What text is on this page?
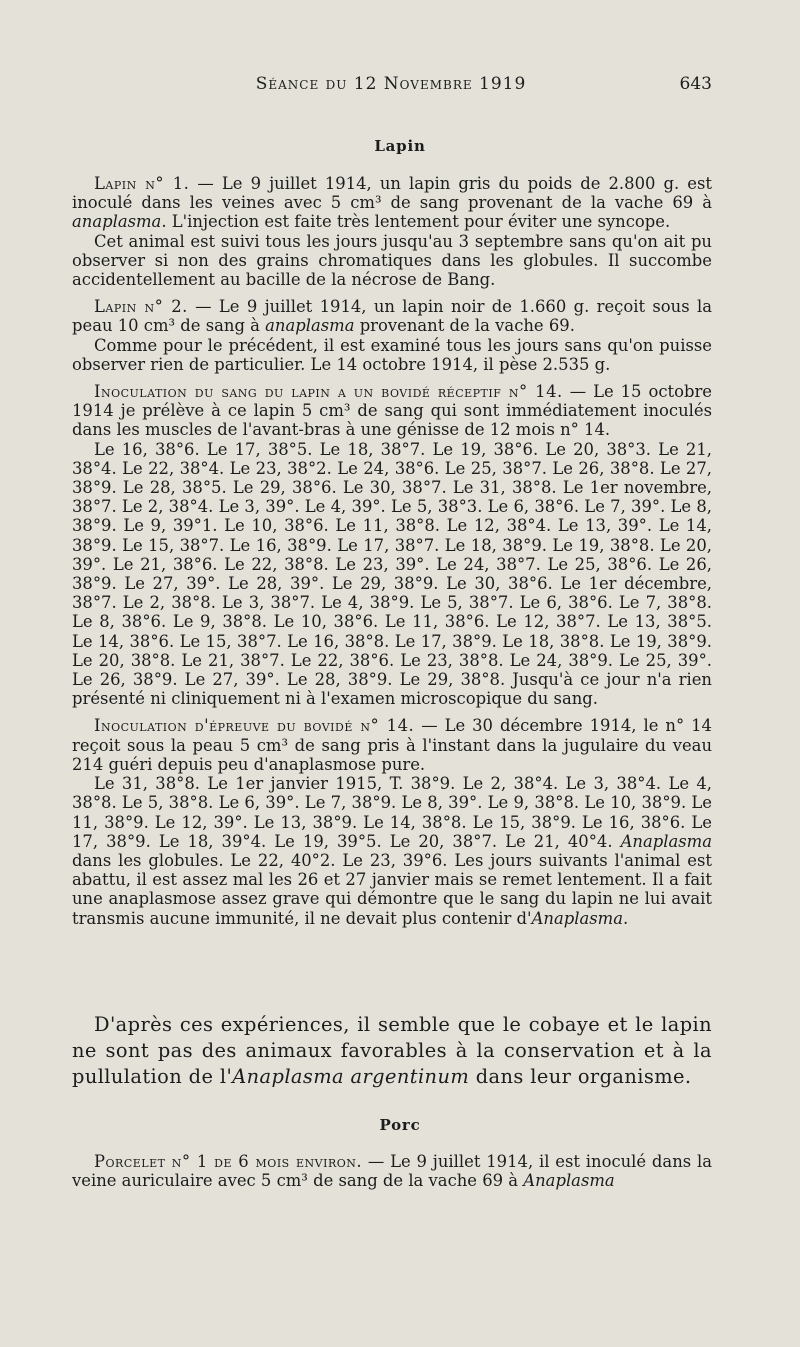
Séance du 12 Novembre 1919	643
Lapin

Lapin n° 1. — Le 9 juillet 1914, un lapin gris du poids de 2.800 g. est inoculé dans les veines avec 5 cm³ de sang provenant de la vache 69 à anaplasma. L'injection est faite très lentement pour éviter une syncope.

Cet animal est suivi tous les jours jusqu'au 3 septembre sans qu'on ait pu observer si non des grains chromatiques dans les globules. Il succombe accidentellement au bacille de la nécrose de Bang.

Lapin n° 2. — Le 9 juillet 1914, un lapin noir de 1.660 g. reçoit sous la peau 10 cm³ de sang à anaplasma provenant de la vache 69.

Comme pour le précédent, il est examiné tous les jours sans qu'on puisse observer rien de particulier. Le 14 octobre 1914, il pèse 2.535 g.

Inoculation du sang du lapin a un bovidé réceptif n° 14. — Le 15 octobre 1914 je prélève à ce lapin 5 cm³ de sang qui sont immédiatement inoculés dans les muscles de l'avant-bras à une génisse de 12 mois n° 14.

Le 16, 38°6. Le 17, 38°5. Le 18, 38°7. Le 19, 38°6. Le 20, 38°3. Le 21, 38°4. Le 22, 38°4. Le 23, 38°2. Le 24, 38°6. Le 25, 38°7. Le 26, 38°8. Le 27, 38°9. Le 28, 38°5. Le 29, 38°6. Le 30, 38°7. Le 31, 38°8. Le 1er novembre, 38°7. Le 2, 38°4. Le 3, 39°. Le 4, 39°. Le 5, 38°3. Le 6, 38°6. Le 7, 39°. Le 8, 38°9. Le 9, 39°1. Le 10, 38°6. Le 11, 38°8. Le 12, 38°4. Le 13, 39°. Le 14, 38°9. Le 15, 38°7. Le 16, 38°9. Le 17, 38°7. Le 18, 38°9. Le 19, 38°8. Le 20, 39°. Le 21, 38°6. Le 22, 38°8. Le 23, 39°. Le 24, 38°7. Le 25, 38°6. Le 26, 38°9. Le 27, 39°. Le 28, 39°. Le 29, 38°9. Le 30, 38°6. Le 1er décembre, 38°7. Le 2, 38°8. Le 3, 38°7. Le 4, 38°9. Le 5, 38°7. Le 6, 38°6. Le 7, 38°8. Le 8, 38°6. Le 9, 38°8. Le 10, 38°6. Le 11, 38°6. Le 12, 38°7. Le 13, 38°5. Le 14, 38°6. Le 15, 38°7. Le 16, 38°8. Le 17, 38°9. Le 18, 38°8. Le 19, 38°9. Le 20, 38°8. Le 21, 38°7. Le 22, 38°6. Le 23, 38°8. Le 24, 38°9. Le 25, 39°. Le 26, 38°9. Le 27, 39°. Le 28, 38°9. Le 29, 38°8. Jusqu'à ce jour n'a rien présenté ni cliniquement ni à l'examen microscopique du sang.

Inoculation d'épreuve du bovidé n° 14. — Le 30 décembre 1914, le n° 14 reçoit sous la peau 5 cm³ de sang pris à l'instant dans la jugulaire du veau 214 guéri depuis peu d'anaplasmose pure.

Le 31, 38°8. Le 1er janvier 1915, T. 38°9. Le 2, 38°4. Le 3, 38°4. Le 4, 38°8. Le 5, 38°8. Le 6, 39°. Le 7, 38°9. Le 8, 39°. Le 9, 38°8. Le 10, 38°9. Le 11, 38°9. Le 12, 39°. Le 13, 38°9. Le 14, 38°8. Le 15, 38°9. Le 16, 38°6. Le 17, 38°9. Le 18, 39°4. Le 19, 39°5. Le 20, 38°7. Le 21, 40°4. Anaplasma dans les globules. Le 22, 40°2. Le 23, 39°6. Les jours suivants l'animal est abattu, il est assez mal les 26 et 27 janvier mais se remet lentement. Il a fait une anaplasmose assez grave qui démontre que le sang du lapin ne lui avait transmis aucune immunité, il ne devait plus contenir d'Anaplasma.

D'après ces expériences, il semble que le cobaye et le lapin ne sont pas des animaux favorables à la conservation et à la pullulation de l'Anaplasma argentinum dans leur organisme.

Porc

Porcelet n° 1 de 6 mois environ. — Le 9 juillet 1914, il est inoculé dans la veine auriculaire avec 5 cm³ de sang de la vache 69 à Anaplasma
